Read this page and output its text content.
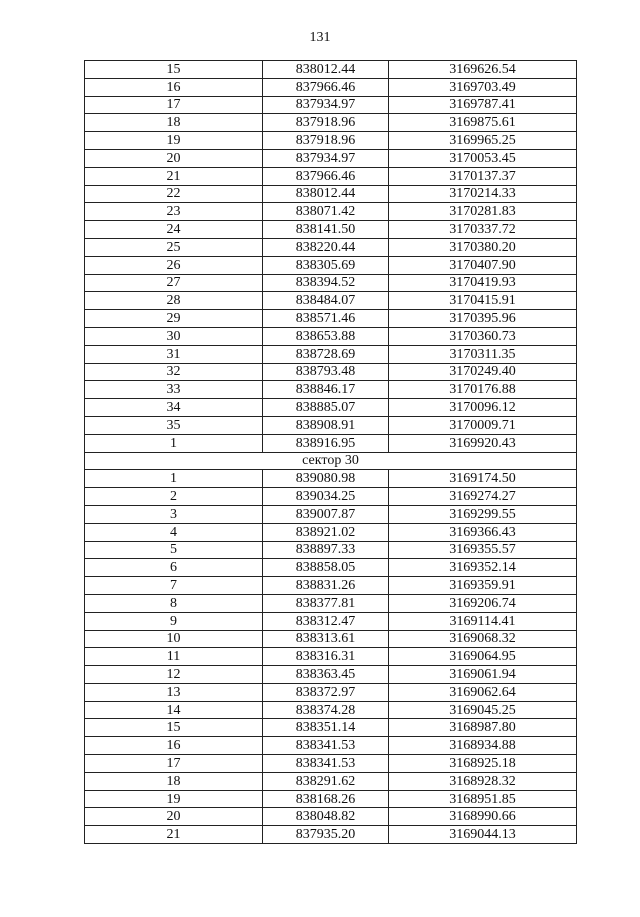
131
15	838012.44	3169626.54
16	837966.46	3169703.49
17	837934.97	3169787.41
18	837918.96	3169875.61
19	837918.96	3169965.25
20	837934.97	3170053.45
21	837966.46	3170137.37
22	838012.44	3170214.33
23	838071.42	3170281.83
24	838141.50	3170337.72
25	838220.44	3170380.20
26	838305.69	3170407.90
27	838394.52	3170419.93
28	838484.07	3170415.91
29	838571.46	3170395.96
30	838653.88	3170360.73
31	838728.69	3170311.35
32	838793.48	3170249.40
33	838846.17	3170176.88
34	838885.07	3170096.12
35	838908.91	3170009.71
1	838916.95	3169920.43
сектор 30		
1	839080.98	3169174.50
2	839034.25	3169274.27
3	839007.87	3169299.55
4	838921.02	3169366.43
5	838897.33	3169355.57
6	838858.05	3169352.14
7	838831.26	3169359.91
8	838377.81	3169206.74
9	838312.47	3169114.41
10	838313.61	3169068.32
11	838316.31	3169064.95
12	838363.45	3169061.94
13	838372.97	3169062.64
14	838374.28	3169045.25
15	838351.14	3168987.80
16	838341.53	3168934.88
17	838341.53	3168925.18
18	838291.62	3168928.32
19	838168.26	3168951.85
20	838048.82	3168990.66
21	837935.20	3169044.13
